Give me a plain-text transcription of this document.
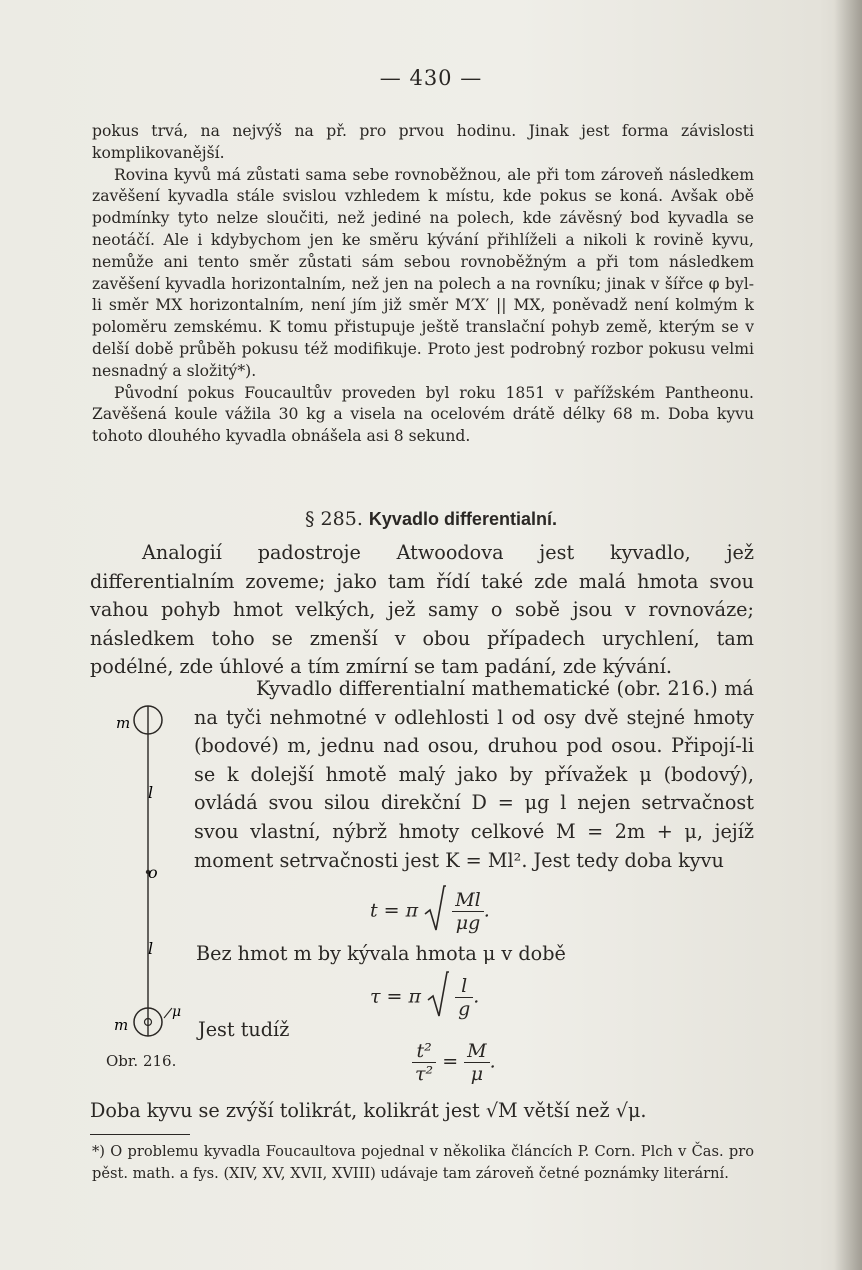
— 430 —

pokus trvá, na nejvýš na př. pro prvou hodinu. Jinak jest forma závislosti komplikovanější.

Rovina kyvů má zůstati sama sebe rovnoběžnou, ale při tom zároveň následkem zavěšení kyvadla stále svislou vzhledem k místu, kde pokus se koná. Avšak obě podmínky tyto nelze sloučiti, než jediné na polech, kde závěsný bod kyvadla se neotáčí. Ale i kdybychom jen ke směru kývání přihlíželi a nikoli k rovině kyvu, nemůže ani tento směr zůstati sám sebou rovnoběžným a při tom následkem zavěšení kyvadla horizontalním, než jen na polech a na rovníku; jinak v šířce φ byl-li směr MX horizontalním, není jím již směr M′X′ || MX, poněvadž není kolmým k poloměru zemskému. K tomu přistupuje ještě translační pohyb země, kterým se v delší době průběh pokusu též modifikuje. Proto jest podrobný rozbor pokusu velmi nesnadný a složitý*).

Původní pokus Foucaultův proveden byl roku 1851 v pařížském Pantheonu. Zavěšená koule vážila 30 kg a visela na ocelovém drátě délky 68 m. Doba kyvu tohoto dlouhého kyvadla obnášela asi 8 sekund.

§ 285. Kyvadlo differentialní.

Analogií padostroje Atwoodova jest kyvadlo, jež differentialním zoveme; jako tam řídí také zde malá hmota svou vahou pohyb hmot velkých, jež samy o sobě jsou v rovnováze; následkem toho se zmenší v obou případech urychlení, tam podélné, zde úhlové a tím zmírní se tam padání, zde kývání.

Kyvadlo differentialní mathematické (obr. 216.) má na tyči nehmotné v odlehlosti l od osy dvě stejné hmoty (bodové) m, jednu nad osou, druhou pod osou. Připojí-li se k dolejší hmotě malý jako by přívažek μ (bodový), ovládá svou silou direkční D = μg l nejen setrvačnost svou vlastní, nýbrž hmoty celkové M = 2m + μ, jejíž moment setrvačnosti jest K = Ml². Jest tedy doba kyvu

t = π $\frac{Ml}{\mu g}$ .

Bez hmot m by kývala hmota μ v době

τ = π $\frac{l}{g}$ .

Jest tudíž

$\frac{\text{t²}}{\text{τ²}} = \frac{M}{\mu}$ .

Doba kyvu se zvýší tolikrát, kolikrát jest √M větší než √μ.

m
l
o
l
m
μ
Obr. 216.
*) O problemu kyvadla Foucaultova pojednal v několika článcích P. Corn. Plch v Čas. pro pěst. math. a fys. (XIV, XV, XVII, XVIII) udávaje tam zároveň četné poznámky literární.
